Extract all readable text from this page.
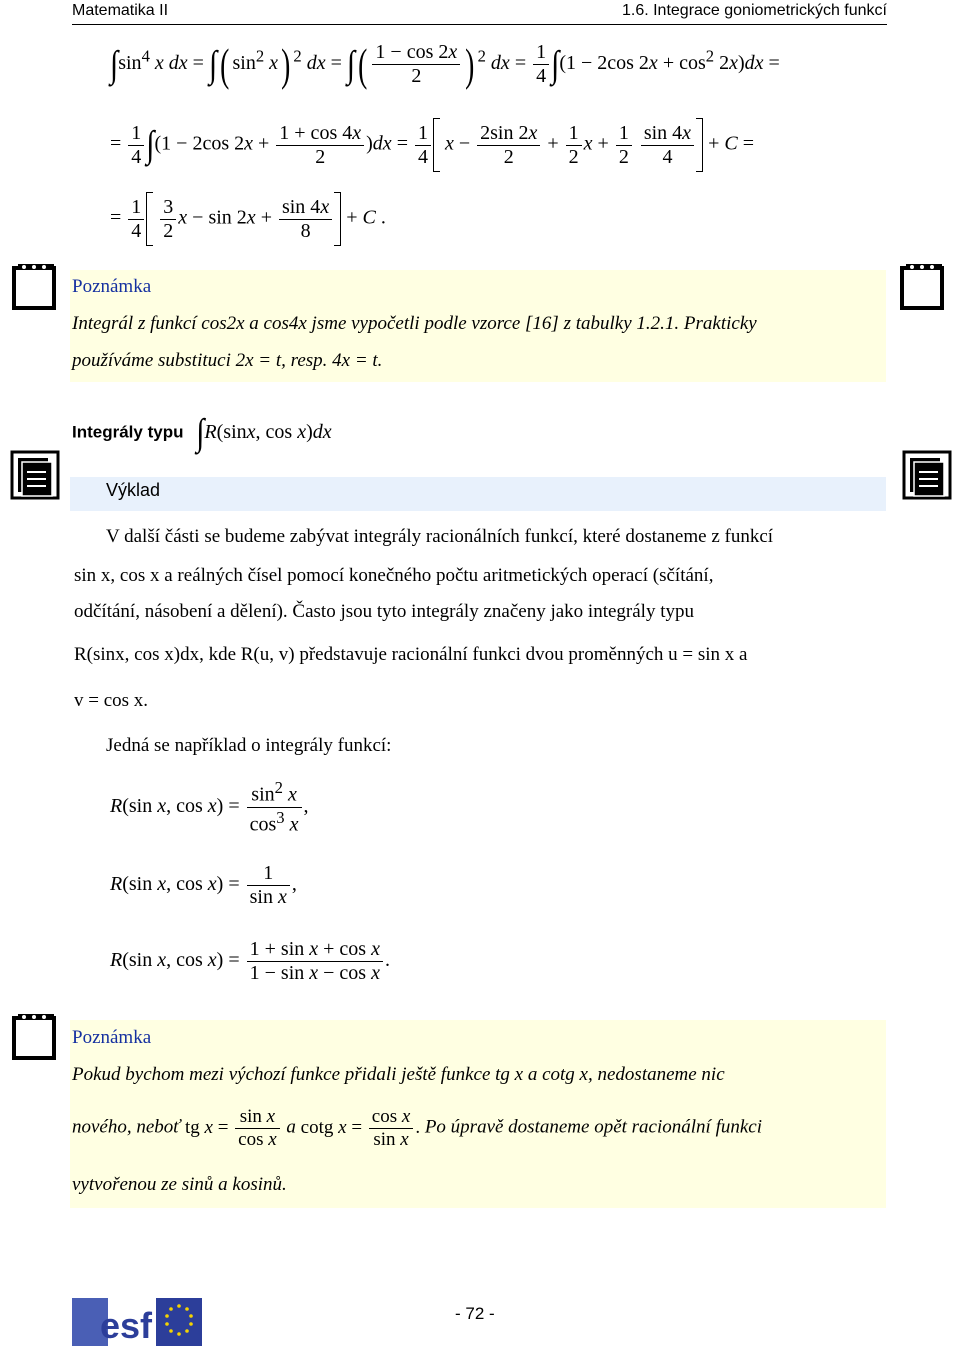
Matematika II	1.6. Integrace goniometrických funkcí
$\int\sin^4$ x dx = ∫( $\sin^2 x$) $^2$ dx = ∫( $\frac{1 - \cos 2x}{2}$ ) $^2$ dx = $\frac{1}{4} \int(1 - 2\cos$ $2x + \cos^2 2x)dx$ =
= $\frac{1}{4} \int(1 - 2\cos$ $2x + \frac{1 + \cos 4x}{2} )dx = \frac{1}{4}$ $x - \frac{2\sin 2x}{2} + \frac{1}{2}$ $x + \frac{1}{2}$
$\frac{\sin 4x}{4} + C$ =
= $\frac{1}{4}$
$\frac{3}{2}$ $x - \sin 2x + \frac{\sin 4x}{8} + C$ .
Poznámka
Integrál z funkcí cos2x a cos4x jsme vypočetli podle vzorce [16] z tabulky 1.2.1. Prakticky
používáme substituci 2x = t, resp. 4x = t.
Integrály typu ∫R(sinx, cos x)dx
Výklad
V další části se budeme zabývat integrály racionálních funkcí, které dostaneme z funkcí
sin x, cos x a reálných čísel pomocí konečného počtu aritmetických operací (sčítání,
odčítání, násobení a dělení). Často jsou tyto integrály značeny jako integrály typu
R(sinx, cos x)dx, kde R(u, v) představuje racionální funkci dvou proměnných u = sin x a
v = cos x.
Jedná se například o integrály funkcí:
R(sin x, $\cos x) = \frac{\sin^2 x}{\cos^3 x}$ ,
R(sin x, $\cos x) = \frac{1}{\text{sin x}}$ ,
R(sin x, $\cos x) = \frac{\text{1 + sin x + cos x}}{\text{1 − sin x − cos x}}$ .
Poznámka
Pokud bychom mezi výchozí funkce přidali ještě funkce tg x a cotg x, nedostaneme nic
nového, neboť tg $x = \frac{\text{sin x}}{\text{cos x}}$ a cotg $x = \frac{\text{cos x}}{\text{sin x}}$ . Po úpravě dostaneme opět racionální funkci
vytvořenou ze sinů a kosinů.
esf	- 72 -
